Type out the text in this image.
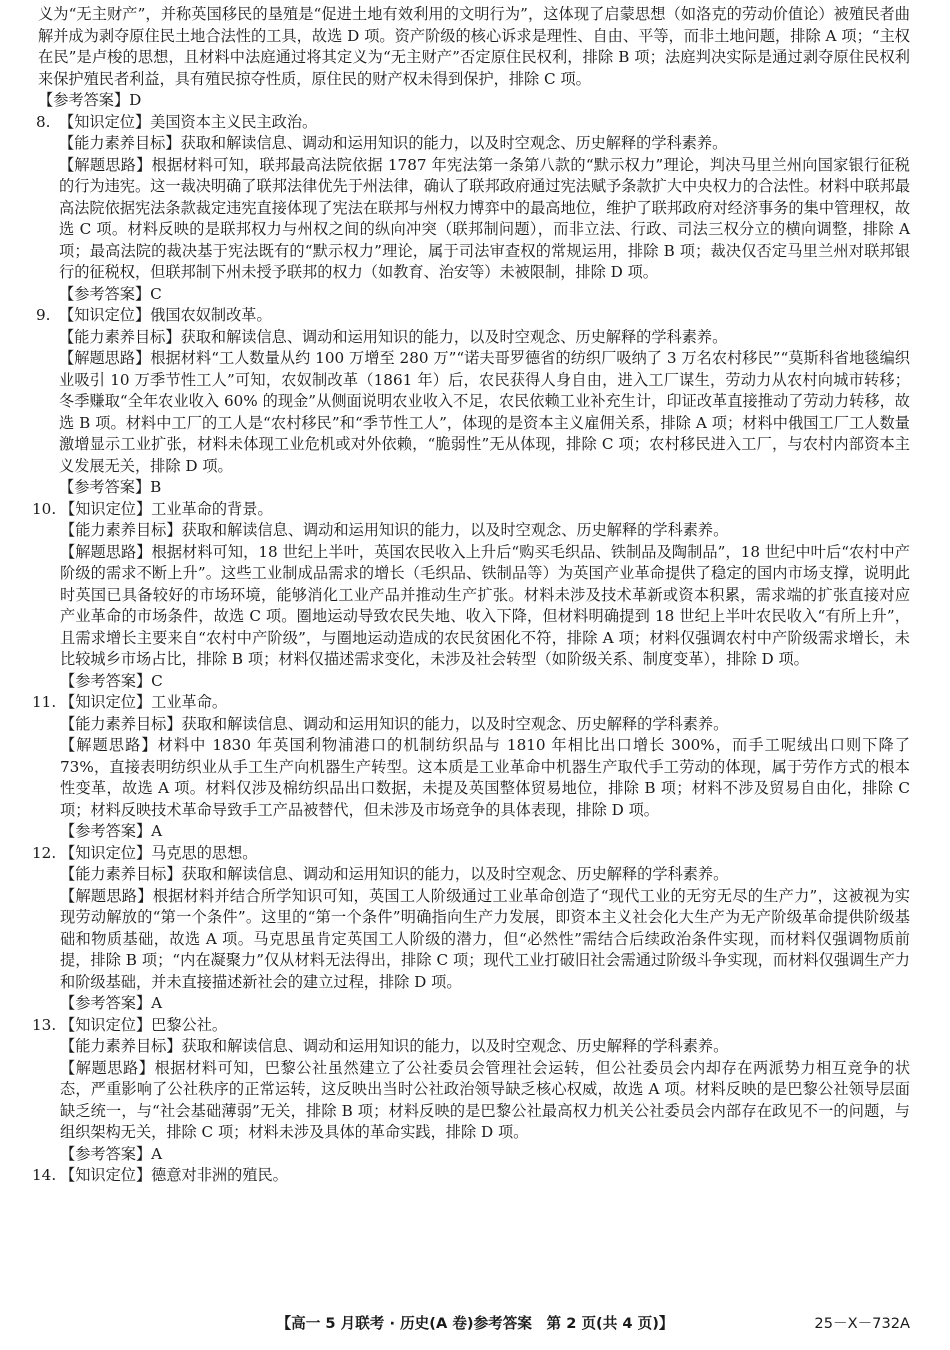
义为“无主财产”，并称英国移民的垦殖是“促进土地有效利用的文明行为”，这体现了启蒙思想（如洛克的劳动价值论）被殖民者曲解并成为剥夺原住民土地合法性的工具，故选 D 项。资产阶级的核心诉求是理性、自由、平等，而非土地问题，排除 A 项；“主权在民”是卢梭的思想，且材料中法庭通过将其定义为“无主财产”否定原住民权利，排除 B 项；法庭判决实际是通过剥夺原住民权利来保护殖民者利益，具有殖民掠夺性质，原住民的财产权未得到保护，排除 C 项。

【参考答案】D

8. 【知识定位】美国资本主义民主政治。

【能力素养目标】获取和解读信息、调动和运用知识的能力，以及时空观念、历史解释的学科素养。

【解题思路】根据材料可知，联邦最高法院依据 1787 年宪法第一条第八款的“默示权力”理论，判决马里兰州向国家银行征税的行为违宪。这一裁决明确了联邦法律优先于州法律，确认了联邦政府通过宪法赋予条款扩大中央权力的合法性。材料中联邦最高法院依据宪法条款裁定违宪直接体现了宪法在联邦与州权力博弈中的最高地位，维护了联邦政府对经济事务的集中管理权，故选 C 项。材料反映的是联邦权力与州权之间的纵向冲突（联邦制问题），而非立法、行政、司法三权分立的横向调整，排除 A 项；最高法院的裁决基于宪法既有的“默示权力”理论，属于司法审查权的常规运用，排除 B 项；裁决仅否定马里兰州对联邦银行的征税权，但联邦制下州未授予联邦的权力（如教育、治安等）未被限制，排除 D 项。

【参考答案】C

9. 【知识定位】俄国农奴制改革。

【能力素养目标】获取和解读信息、调动和运用知识的能力，以及时空观念、历史解释的学科素养。

【解题思路】根据材料“工人数量从约 100 万增至 280 万”“诺夫哥罗德省的纺织厂吸纳了 3 万名农村移民”“莫斯科省地毯编织业吸引 10 万季节性工人”可知，农奴制改革（1861 年）后，农民获得人身自由，进入工厂谋生，劳动力从农村向城市转移；冬季赚取“全年农业收入 60% 的现金”从侧面说明农业收入不足，农民依赖工业补充生计，印证改革直接推动了劳动力转移，故选 B 项。材料中工厂的工人是“农村移民”和“季节性工人”，体现的是资本主义雇佣关系，排除 A 项；材料中俄国工厂工人数量激增显示工业扩张，材料未体现工业危机或对外依赖，“脆弱性”无从体现，排除 C 项；农村移民进入工厂，与农村内部资本主义发展无关，排除 D 项。

【参考答案】B

10. 【知识定位】工业革命的背景。

【能力素养目标】获取和解读信息、调动和运用知识的能力，以及时空观念、历史解释的学科素养。

【解题思路】根据材料可知，18 世纪上半叶，英国农民收入上升后“购买毛织品、铁制品及陶制品”，18 世纪中叶后“农村中产阶级的需求不断上升”。这些工业制成品需求的增长（毛织品、铁制品等）为英国产业革命提供了稳定的国内市场支撑，说明此时英国已具备较好的市场环境，能够消化工业产品并推动生产扩张。材料未涉及技术革新或资本积累，需求端的扩张直接对应产业革命的市场条件，故选 C 项。圈地运动导致农民失地、收入下降，但材料明确提到 18 世纪上半叶农民收入“有所上升”，且需求增长主要来自“农村中产阶级”，与圈地运动造成的农民贫困化不符，排除 A 项；材料仅强调农村中产阶级需求增长，未比较城乡市场占比，排除 B 项；材料仅描述需求变化，未涉及社会转型（如阶级关系、制度变革），排除 D 项。

【参考答案】C

11. 【知识定位】工业革命。

【能力素养目标】获取和解读信息、调动和运用知识的能力，以及时空观念、历史解释的学科素养。

【解题思路】材料中 1830 年英国利物浦港口的机制纺织品与 1810 年相比出口增长 300%，而手工呢绒出口则下降了 73%，直接表明纺织业从手工生产向机器生产转型。这本质是工业革命中机器生产取代手工劳动的体现，属于劳作方式的根本性变革，故选 A 项。材料仅涉及棉纺织品出口数据，未提及英国整体贸易地位，排除 B 项；材料不涉及贸易自由化，排除 C 项；材料反映技术革命导致手工产品被替代，但未涉及市场竞争的具体表现，排除 D 项。

【参考答案】A

12. 【知识定位】马克思的思想。

【能力素养目标】获取和解读信息、调动和运用知识的能力，以及时空观念、历史解释的学科素养。

【解题思路】根据材料并结合所学知识可知，英国工人阶级通过工业革命创造了“现代工业的无穷无尽的生产力”，这被视为实现劳动解放的“第一个条件”。这里的“第一个条件”明确指向生产力发展，即资本主义社会化大生产为无产阶级革命提供阶级基础和物质基础，故选 A 项。马克思虽肯定英国工人阶级的潜力，但“必然性”需结合后续政治条件实现，而材料仅强调物质前提，排除 B 项；“内在凝聚力”仅从材料无法得出，排除 C 项；现代工业打破旧社会需通过阶级斗争实现，而材料仅强调生产力和阶级基础，并未直接描述新社会的建立过程，排除 D 项。

【参考答案】A

13. 【知识定位】巴黎公社。

【能力素养目标】获取和解读信息、调动和运用知识的能力，以及时空观念、历史解释的学科素养。

【解题思路】根据材料可知，巴黎公社虽然建立了公社委员会管理社会运转，但公社委员会内却存在两派势力相互竞争的状态，严重影响了公社秩序的正常运转，这反映出当时公社政治领导缺乏核心权威，故选 A 项。材料反映的是巴黎公社领导层面缺乏统一，与“社会基础薄弱”无关，排除 B 项；材料反映的是巴黎公社最高权力机关公社委员会内部存在政见不一的问题，与组织架构无关，排除 C 项；材料未涉及具体的革命实践，排除 D 项。

【参考答案】A

14. 【知识定位】德意对非洲的殖民。

【高一 5 月联考 · 历史(A 卷)参考答案　第 2 页(共 4 页)】	25－X－732A
